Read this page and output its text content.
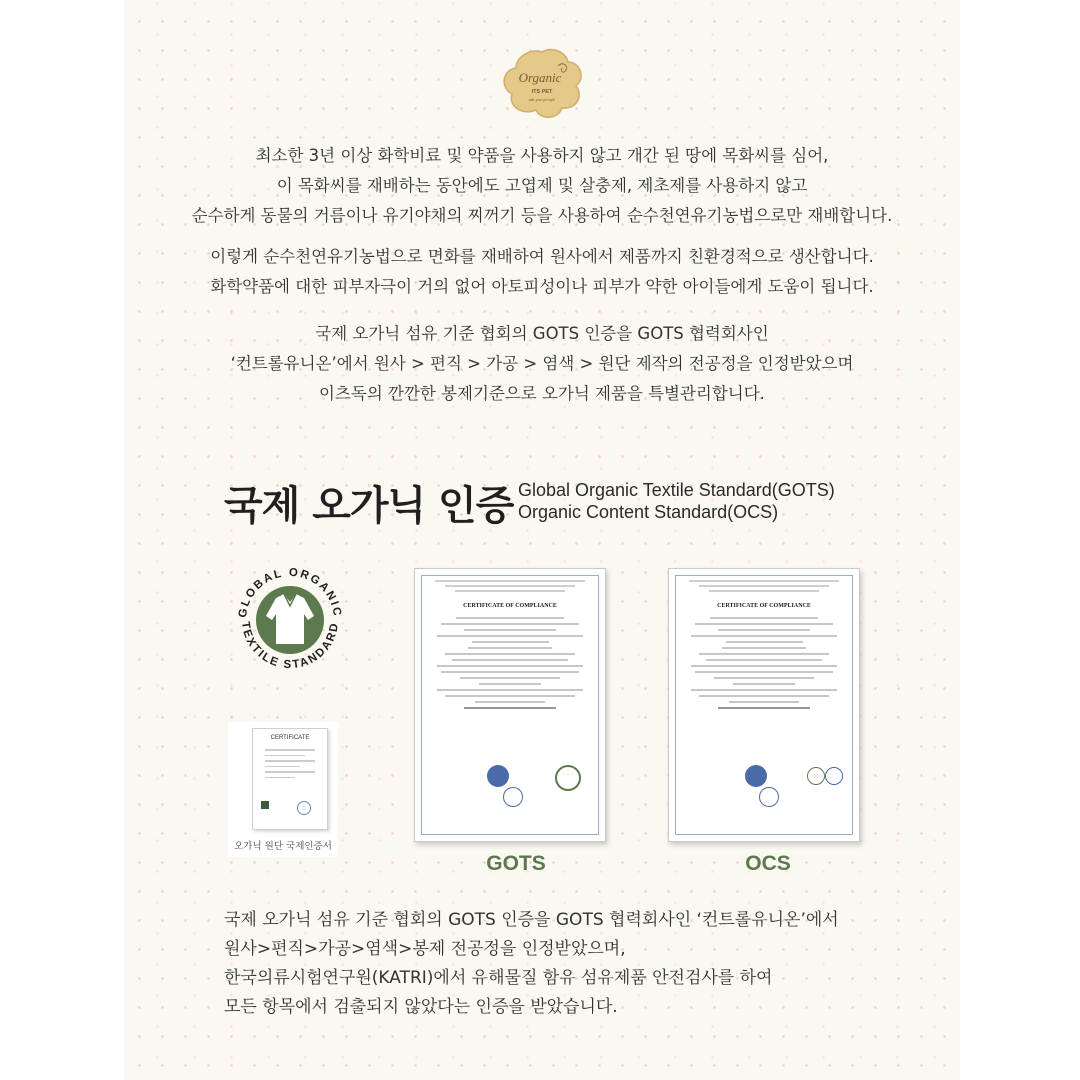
Organic
ITS PET
take your pet style

최소한 3년 이상 화학비료 및 약품을 사용하지 않고 개간 된 땅에 목화씨를 심어,

이 목화씨를 재배하는 동안에도 고엽제 및 살충제, 제초제를 사용하지 않고

순수하게 동물의 거름이나 유기야채의 찌꺼기 등을 사용하여 순수천연유기농법으로만 재배합니다.

이렇게 순수천연유기농법으로 면화를 재배하여 원사에서 제품까지 친환경적으로 생산합니다.

화학약품에 대한 피부자극이 거의 없어 아토피성이나 피부가 약한 아이들에게 도움이 됩니다.

국제 오가닉 섬유 기준 협회의 GOTS 인증을 GOTS 협력회사인

‘컨트롤유니온’에서 원사 > 편직 > 가공 > 염색 > 원단 제작의 전공정을 인정받았으며

이츠독의 깐깐한 봉제기준으로 오가닉 제품을 특별관리합니다.

국제 오가닉 인증 Global Organic Textile Standard(GOTS)
Organic Content Standard(OCS)
GLOBAL ORGANIC
TEXTILE STANDARD
CERTIFICATE
오가닉 원단 국제인증서
CERTIFICATE OF COMPLIANCE
GOTS
CERTIFICATE OF COMPLIANCE
OCS

국제 오가닉 섬유 기준 협회의 GOTS 인증을 GOTS 협력회사인 ‘컨트롤유니온’에서

원사>편직>가공>염색>봉제 전공정을 인정받았으며,

한국의류시험연구원(KATRI)에서 유해물질 함유 섬유제품 안전검사를 하여

모든 항목에서 검출되지 않았다는 인증을 받았습니다.
